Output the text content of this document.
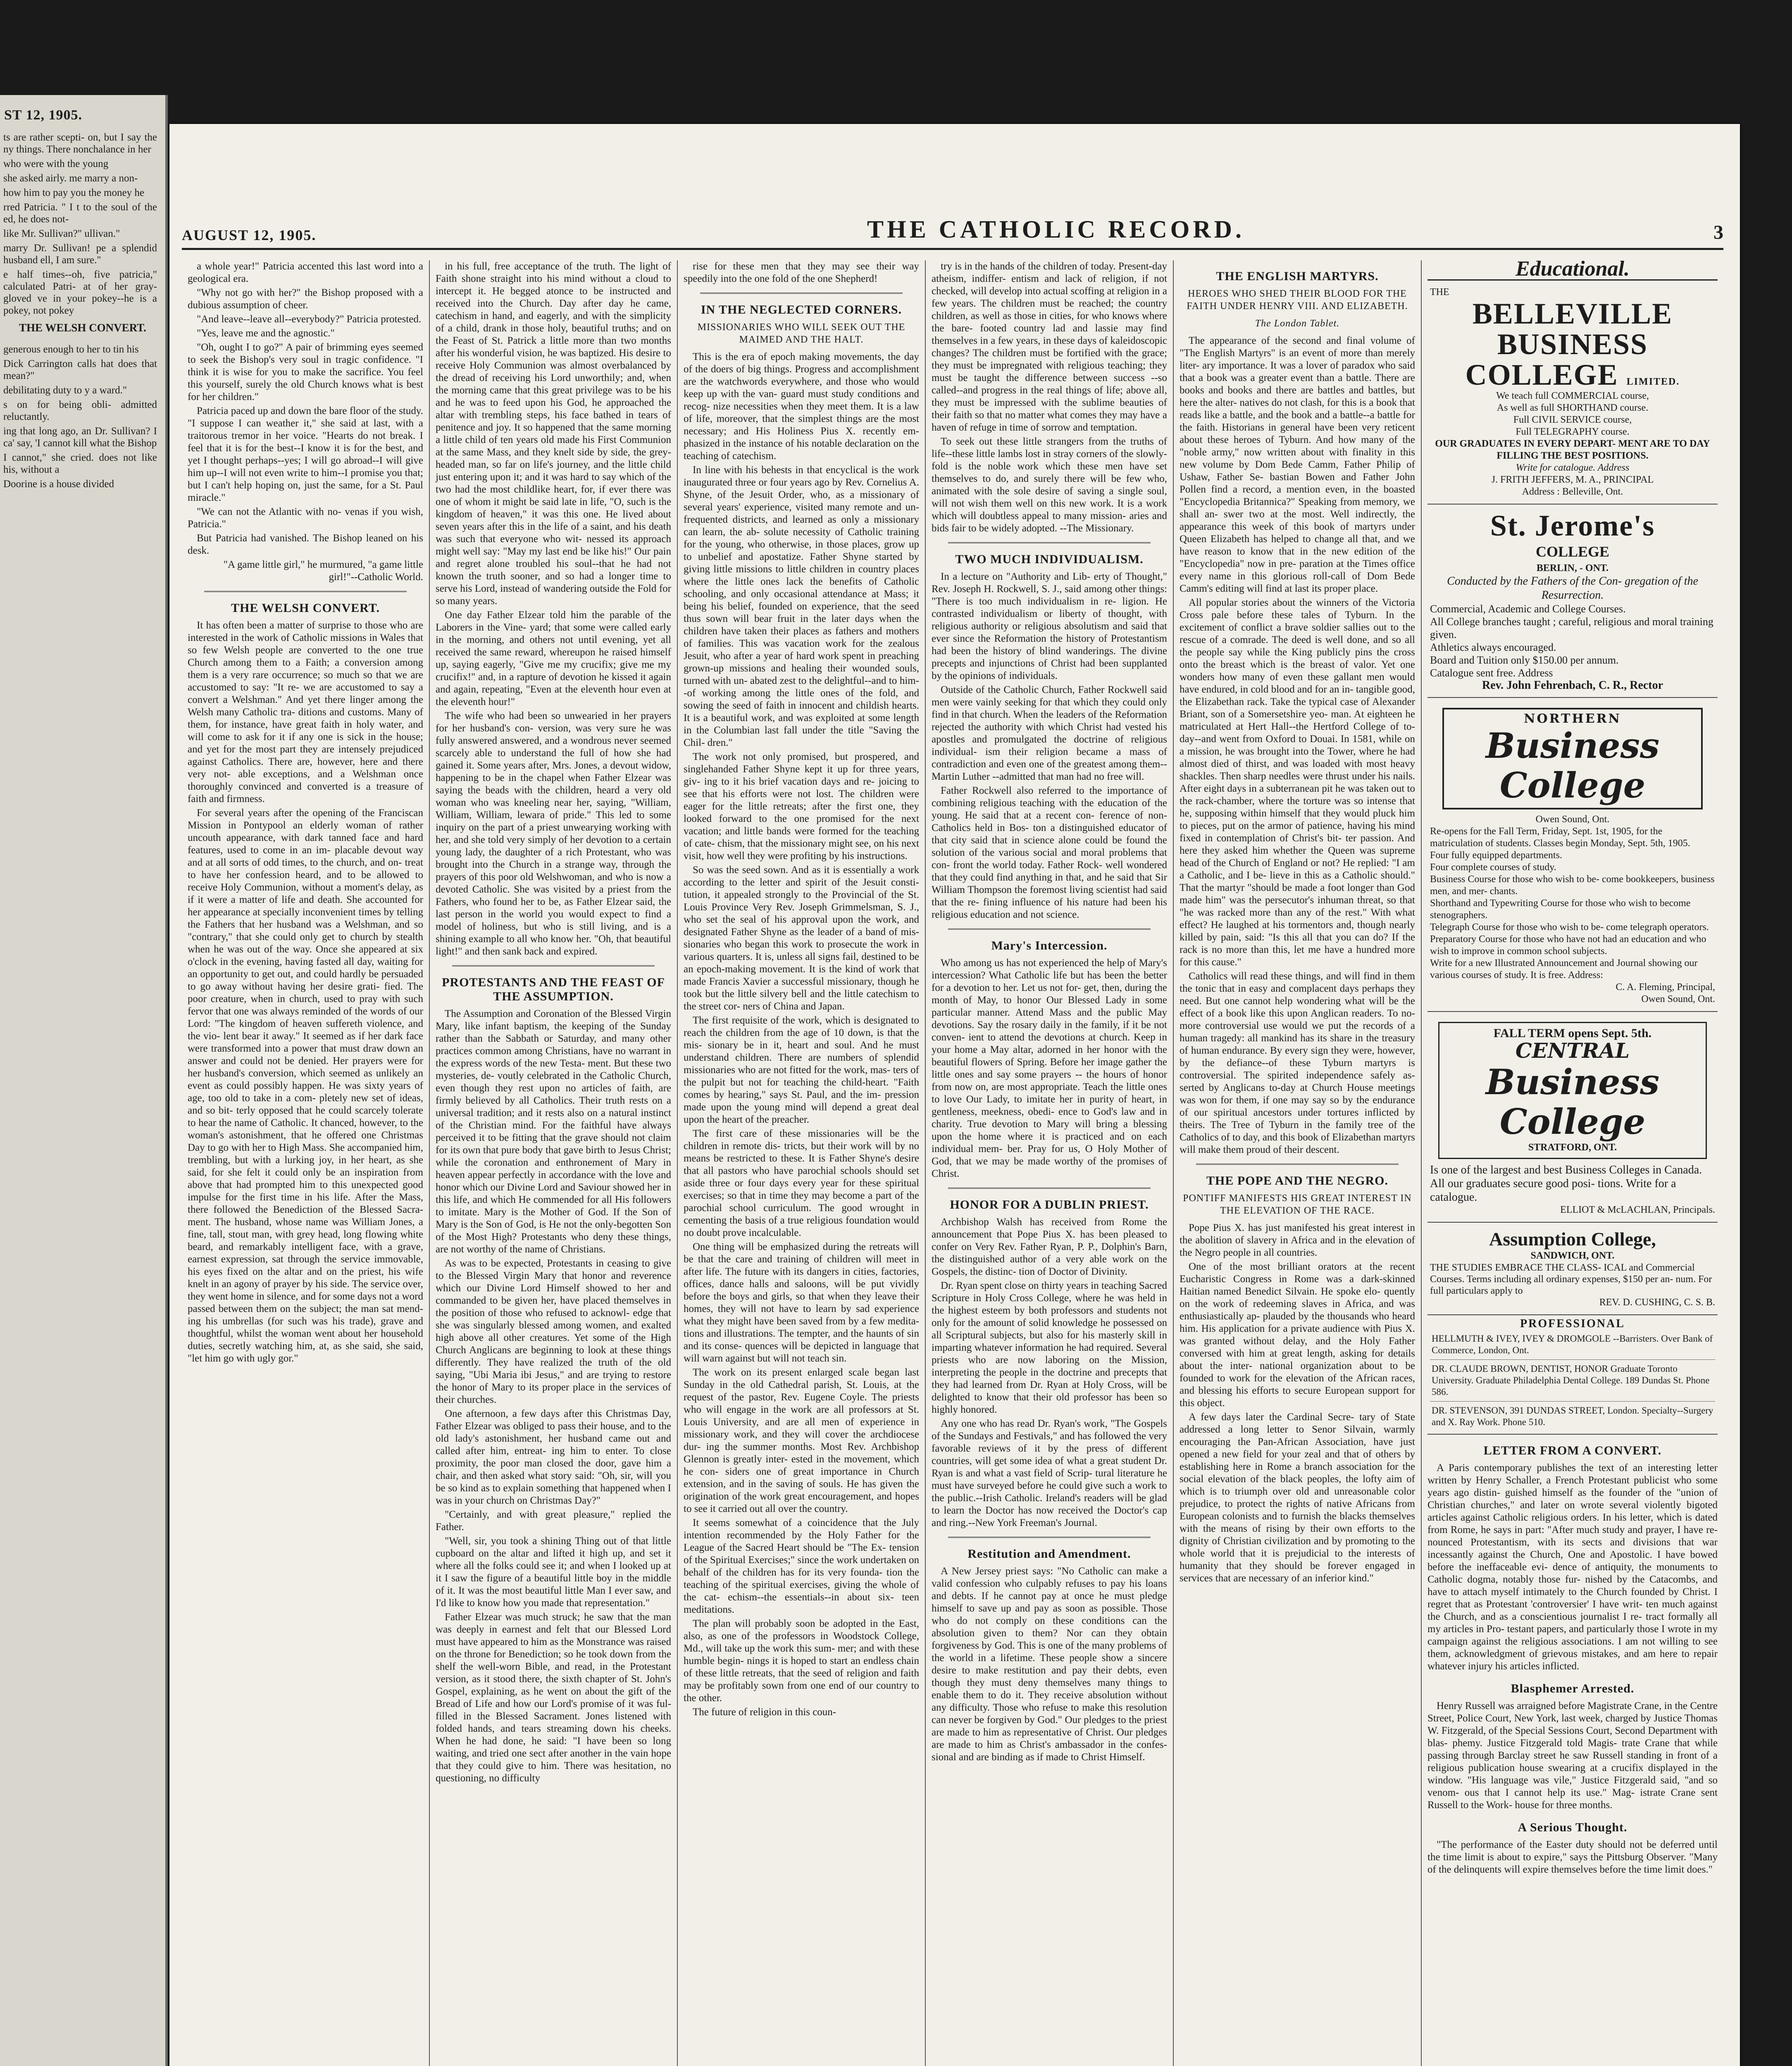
ST 12, 1905.

ts are rather scepti- on, but I say the ny things. There nonchalance in her

who were with the young

she asked airly. me marry a non-

how him to pay you the money he

rred Patricia. " I t to the soul of the ed, he does not-

like Mr. Sullivan?" ullivan."

marry Dr. Sullivan! pe a splendid husband ell, I am sure."

e half times--oh, five patricia," calculated Patri- at of her gray-gloved ve in your pokey--he is a pokey, not pokey

THE WELSH CONVERT.

generous enough to her to tin his

Dick Carrington calls hat does that mean?"

debilitating duty to y a ward."

s on for being obli- admitted reluctantly.

ing that long ago, an Dr. Sullivan? I ca' say, 'I cannot kill what the Bishop

I cannot," she cried. does not like his, without a

Doorine is a house divided

AUGUST 12, 1905.	THE CATHOLIC RECORD.	3

a whole year!" Patricia accented this last word into a geological era.

"Why not go with her?" the Bishop proposed with a dubious assumption of cheer.

"And leave--leave all--everybody?" Patricia protested.

"Yes, leave me and the agnostic."

"Oh, ought I to go?" A pair of brimming eyes seemed to seek the Bishop's very soul in tragic confidence. "I think it is wise for you to make the sacrifice. You feel this yourself, surely the old Church knows what is best for her children."

Patricia paced up and down the bare floor of the study. "I suppose I can weather it," she said at last, with a traitorous tremor in her voice. "Hearts do not break. I feel that it is for the best--I know it is for the best, and yet I thought perhaps--yes; I will go abroad--I will give him up--I will not even write to him--I promise you that; but I can't help hoping on, just the same, for a St. Paul miracle."

"We can not the Atlantic with no- venas if you wish, Patricia."

But Patricia had vanished. The Bishop leaned on his desk.

"A game little girl," he murmured, "a game little girl!"--Catholic World.

THE WELSH CONVERT.

It has often been a matter of surprise to those who are interested in the work of Catholic missions in Wales that so few Welsh people are converted to the one true Church among them to a Faith; a conversion among them is a very rare occurrence; so much so that we are accustomed to say: "It re- we are accustomed to say a convert a Welshman." And yet there linger among the Welsh many Catholic tra- ditions and customs. Many of them, for instance, have great faith in holy water, and will come to ask for it if any one is sick in the house; and yet for the most part they are intensely prejudiced against Catholics. There are, however, here and there very not- able exceptions, and a Welshman once thoroughly convinced and converted is a treasure of faith and firmness.

For several years after the opening of the Franciscan Mission in Pontypool an elderly woman of rather uncouth appearance, with dark tanned face and hard features, used to come in an im- placable devout way and at all sorts of odd times, to the church, and on- treat to have her confession heard, and to be allowed to receive Holy Communion, without a moment's delay, as if it were a matter of life and death. She accounted for her appearance at specially inconvenient times by telling the Fathers that her husband was a Welshman, and so "contrary," that she could only get to church by stealth when he was out of the way. Once she appeared at six o'clock in the evening, having fasted all day, waiting for an opportunity to get out, and could hardly be persuaded to go away without having her desire grati- fied. The poor creature, when in church, used to pray with such fervor that one was always reminded of the words of our Lord: "The kingdom of heaven suffereth violence, and the vio- lent bear it away." It seemed as if her dark face were transformed into a power that must draw down an answer and could not be denied. Her prayers were for her husband's conversion, which seemed as unlikely an event as could possibly happen. He was sixty years of age, too old to take in a com- pletely new set of ideas, and so bit- terly opposed that he could scarcely tolerate to hear the name of Catholic. It chanced, however, to the woman's astonishment, that he offered one Christmas Day to go with her to High Mass. She accompanied him, trembling, but with a lurking joy, in her heart, as she said, for she felt it could only be an inspiration from above that had prompted him to this unexpected good impulse for the first time in his life. After the Mass, there followed the Benediction of the Blessed Sacra- ment. The husband, whose name was William Jones, a fine, tall, stout man, with grey head, long flowing white beard, and remarkably intelligent face, with a grave, earnest expression, sat through the service immovable, his eyes fixed on the altar and on the priest, his wife knelt in an agony of prayer by his side. The service over, they went home in silence, and for some days not a word passed between them on the subject; the man sat mend- ing his umbrellas (for such was his trade), grave and thoughtful, whilst the woman went about her household duties, secretly watching him, at, as she said, she said, "let him go with ugly gor."

in his full, free acceptance of the truth. The light of Faith shone straight into his mind without a cloud to intercept it. He begged atonce to be instructed and received into the Church. Day after day he came, catechism in hand, and eagerly, and with the simplicity of a child, drank in those holy, beautiful truths; and on the Feast of St. Patrick a little more than two months after his wonderful vision, he was baptized. His desire to receive Holy Communion was almost overbalanced by the dread of receiving his Lord unworthily; and, when the morning came that this great privilege was to be his and he was to feed upon his God, he approached the altar with trembling steps, his face bathed in tears of penitence and joy. It so happened that the same morning a little child of ten years old made his First Communion at the same Mass, and they knelt side by side, the grey- headed man, so far on life's journey, and the little child just entering upon it; and it was hard to say which of the two had the most childlike heart, for, if ever there was one of whom it might be said late in life, "O, such is the kingdom of heaven," it was this one. He lived about seven years after this in the life of a saint, and his death was such that everyone who wit- nessed its approach might well say: "May my last end be like his!" Our pain and regret alone troubled his soul--that he had not known the truth sooner, and so had a longer time to serve his Lord, instead of wandering outside the Fold for so many years.

One day Father Elzear told him the parable of the Laborers in the Vine- yard; that some were called early in the morning, and others not until evening, yet all received the same reward, whereupon he raised himself up, saying eagerly, "Give me my crucifix; give me my crucifix!" and, in a rapture of devotion he kissed it again and again, repeating, "Even at the eleventh hour even at the eleventh hour!"

The wife who had been so unwearied in her prayers for her husband's con- version, was very sure he was fully answered answered, and a wondrous never seemed scarcely able to understand the full of how she had gained it. Some years after, Mrs. Jones, a devout widow, happening to be in the chapel when Father Elzear was saying the beads with the children, heard a very old woman who was kneeling near her, saying, "William, William, William, lewara of pride." This led to some inquiry on the part of a priest unwearying working with her, and she told very simply of her devotion to a certain young lady, the daughter of a rich Protestant, who was brought into the Church in a strange way, through the prayers of this poor old Welshwoman, and who is now a devoted Catholic. She was visited by a priest from the Fathers, who found her to be, as Father Elzear said, the last person in the world you would expect to find a model of holiness, but who is still living, and is a shining example to all who know her. "Oh, that beautiful light!" and then sank back and expired.

PROTESTANTS AND THE FEAST OF THE ASSUMPTION.

The Assumption and Coronation of the Blessed Virgin Mary, like infant baptism, the keeping of the Sunday rather than the Sabbath or Saturday, and many other practices common among Christians, have no warrant in the express words of the new Testa- ment. But these two mysteries, de- voutly celebrated in the Catholic Church, even though they rest upon no articles of faith, are firmly believed by all Catholics. Their truth rests on a universal tradition; and it rests also on a natural instinct of the Christian mind. For the faithful have always perceived it to be fitting that the grave should not claim for its own that pure body that gave birth to Jesus Christ; while the coronation and enthronement of Mary in heaven appear perfectly in accordance with the love and honor which our Divine Lord and Saviour showed her in this life, and which He commended for all His followers to imitate. Mary is the Mother of God. If the Son of Mary is the Son of God, is He not the only-begotten Son of the Most High? Protestants who deny these things, are not worthy of the name of Christians.

As was to be expected, Protestants in ceasing to give to the Blessed Virgin Mary that honor and reverence which our Divine Lord Himself showed to her and commanded to be given her, have placed themselves in the position of those who refused to acknowl- edge that she was singularly blessed among women, and exalted high above all other creatures. Yet some of the High Church Anglicans are beginning to look at these things differently. They have realized the truth of the old saying, "Ubi Maria ibi Jesus," and are trying to restore the honor of Mary to its proper place in the services of their churches.

One afternoon, a few days after this Christmas Day, Father Elzear was obliged to pass their house, and to the old lady's astonishment, her husband came out and called after him, entreat- ing him to enter. To close proximity, the poor man closed the door, gave him a chair, and then asked what story said: "Oh, sir, will you be so kind as to explain something that happened when I was in your church on Christmas Day?"

"Certainly, and with great pleasure," replied the Father.

"Well, sir, you took a shining Thing out of that little cupboard on the altar and lifted it high up, and set it where all the folks could see it; and when I looked up at it I saw the figure of a beautiful little boy in the middle of it. It was the most beautiful little Man I ever saw, and I'd like to know how you made that representation."

Father Elzear was much struck; he saw that the man was deeply in earnest and felt that our Blessed Lord must have appeared to him as the Monstrance was raised on the throne for Benediction; so he took down from the shelf the well-worn Bible, and read, in the Protestant version, as it stood there, the sixth chapter of St. John's Gospel, explaining, as he went on about the gift of the Bread of Life and how our Lord's promise of it was ful- filled in the Blessed Sacrament. Jones listened with folded hands, and tears streaming down his cheeks. When he had done, he said: "I have been so long waiting, and tried one sect after another in the vain hope that they could give to him. There was hesitation, no questioning, no difficulty

rise for these men that they may see their way speedily into the one fold of the one Shepherd!

IN THE NEGLECTED CORNERS.
MISSIONARIES WHO WILL SEEK OUT THE MAIMED AND THE HALT.

This is the era of epoch making movements, the day of the doers of big things. Progress and accomplishment are the watchwords everywhere, and those who would keep up with the van- guard must study conditions and recog- nize necessities when they meet them. It is a law of life, moreover, that the simplest things are the most necessary; and His Holiness Pius X. recently em- phasized in the instance of his notable declaration on the teaching of catechism.

In line with his behests in that encyclical is the work inaugurated three or four years ago by Rev. Cornelius A. Shyne, of the Jesuit Order, who, as a missionary of several years' experience, visited many remote and un- frequented districts, and learned as only a missionary can learn, the ab- solute necessity of Catholic training for the young, who otherwise, in those places, grow up to unbelief and apostatize. Father Shyne started by giving little missions to little children in country places where the little ones lack the benefits of Catholic schooling, and only occasional attendance at Mass; it being his belief, founded on experience, that the seed thus sown will bear fruit in the later days when the children have taken their places as fathers and mothers of families. This was vacation work for the zealous Jesuit, who after a year of hard work spent in preaching grown-up missions and healing their wounded souls, turned with un- abated zest to the delightful--and to him--of working among the little ones of the fold, and sowing the seed of faith in innocent and childish hearts. It is a beautiful work, and was exploited at some length in the Columbian last fall under the title "Saving the Chil- dren."

The work not only promised, but prospered, and singlehanded Father Shyne kept it up for three years, giv- ing to it his brief vacation days and re- joicing to see that his efforts were not lost. The children were eager for the little retreats; after the first one, they looked forward to the one promised for the next vacation; and little bands were formed for the teaching of cate- chism, that the missionary might see, on his next visit, how well they were profiting by his instructions.

So was the seed sown. And as it is essentially a work according to the letter and spirit of the Jesuit consti- tution, it appealed strongly to the Provincial of the St. Louis Province Very Rev. Joseph Grimmelsman, S. J., who set the seal of his approval upon the work, and designated Father Shyne as the leader of a band of mis- sionaries who began this work to prosecute the work in various quarters. It is, unless all signs fail, destined to be an epoch-making movement. It is the kind of work that made Francis Xavier a successful missionary, though he took but the little silvery bell and the little catechism to the street cor- ners of China and Japan.

The first requisite of the work, which is designated to reach the children from the age of 10 down, is that the mis- sionary be in it, heart and soul. And he must understand children. There are numbers of splendid missionaries who are not fitted for the work, mas- ters of the pulpit but not for teaching the child-heart. "Faith comes by hearing," says St. Paul, and the im- pression made upon the young mind will depend a great deal upon the heart of the preacher.

The first care of these missionaries will be the children in remote dis- tricts, but their work will by no means be restricted to these. It is Father Shyne's desire that all pastors who have parochial schools should set aside three or four days every year for these spiritual exercises; so that in time they may become a part of the parochial school curriculum. The good wrought in cementing the basis of a true religious foundation would no doubt prove incalculable.

One thing will be emphasized during the retreats will be that the care and training of children will meet in after life. The future with its dangers in cities, factories, offices, dance halls and saloons, will be put vividly before the boys and girls, so that when they leave their homes, they will not have to learn by sad experience what they might have been saved from by a few medita- tions and illustrations. The tempter, and the haunts of sin and its conse- quences will be depicted in language that will warn against but will not teach sin.

The work on its present enlarged scale began last Sunday in the old Cathedral parish, St. Louis, at the request of the pastor, Rev. Eugene Coyle. The priests who will engage in the work are all professors at St. Louis University, and are all men of experience in missionary work, and they will cover the archdiocese dur- ing the summer months. Most Rev. Archbishop Glennon is greatly inter- ested in the movement, which he con- siders one of great importance in Church extension, and in the saving of souls. He has given the origination of the work great encouragement, and hopes to see it carried out all over the country.

It seems somewhat of a coincidence that the July intention recommended by the Holy Father for the League of the Sacred Heart should be "The Ex- tension of the Spiritual Exercises;" since the work undertaken on behalf of the children has for its very founda- tion the teaching of the spiritual exercises, giving the whole of the cat- echism--the essentials--in about six- teen meditations.

The plan will probably soon be adopted in the East, also, as one of the professors in Woodstock College, Md., will take up the work this sum- mer; and with these humble begin- nings it is hoped to start an endless chain of these little retreats, that the seed of religion and faith may be profitably sown from one end of our country to the other.

The future of religion in this coun-

try is in the hands of the children of today. Present-day atheism, indiffer- entism and lack of religion, if not checked, will develop into actual scoffing at religion in a few years. The children must be reached; the country children, as well as those in cities, for who knows where the bare- footed country lad and lassie may find themselves in a few years, in these days of kaleidoscopic changes? The children must be fortified with the grace; they must be impregnated with religious teaching; they must be taught the difference between success --so called--and progress in the real things of life; above all, they must be impressed with the sublime beauties of their faith so that no matter what comes they may have a haven of refuge in time of sorrow and temptation.

To seek out these little strangers from the truths of life--these little lambs lost in stray corners of the slowly-fold is the noble work which these men have set themselves to do, and surely there will be few who, animated with the sole desire of saving a single soul, will not wish them well on this new work. It is a work which will doubtless appeal to many mission- aries and bids fair to be widely adopted. --The Missionary.

TWO MUCH INDIVIDUALISM.

In a lecture on "Authority and Lib- erty of Thought," Rev. Joseph H. Rockwell, S. J., said among other things: "There is too much individualism in re- ligion. He contrasted individualism or liberty of thought, with religious authority or religious absolutism and said that ever since the Reformation the history of Protestantism had been the history of blind wanderings. The divine precepts and injunctions of Christ had been supplanted by the opinions of individuals.

Outside of the Catholic Church, Father Rockwell said men were vainly seeking for that which they could only find in that church. When the leaders of the Reformation rejected the authority with which Christ had vested his apostles and promulgated the doctrine of religious individual- ism their religion became a mass of contradiction and even one of the greatest among them--Martin Luther --admitted that man had no free will.

Father Rockwell also referred to the importance of combining religious teaching with the education of the young. He said that at a recent con- ference of non-Catholics held in Bos- ton a distinguished educator of that city said that in science alone could be found the solution of the various social and moral problems that con- front the world today. Father Rock- well wondered that they could find anything in that, and he said that Sir William Thompson the foremost living scientist had said that the re- fining influence of his nature had been his religious education and not science.

Mary's Intercession.

Who among us has not experienced the help of Mary's intercession? What Catholic life but has been the better for a devotion to her. Let us not for- get, then, during the month of May, to honor Our Blessed Lady in some particular manner. Attend Mass and the public May devotions. Say the rosary daily in the family, if it be not conven- ient to attend the devotions at church. Keep in your home a May altar, adorned in her honor with the beautiful flowers of Spring. Before her image gather the little ones and say some prayers -- the hours of honor from now on, are most appropriate. Teach the little ones to love Our Lady, to imitate her in purity of heart, in gentleness, meekness, obedi- ence to God's law and in charity. True devotion to Mary will bring a blessing upon the home where it is practiced and on each individual mem- ber. Pray for us, O Holy Mother of God, that we may be made worthy of the promises of Christ.

HONOR FOR A DUBLIN PRIEST.

Archbishop Walsh has received from Rome the announcement that Pope Pius X. has been pleased to confer on Very Rev. Father Ryan, P. P., Dolphin's Barn, the distinguished author of a very able work on the Gospels, the distinc- tion of Doctor of Divinity.

Dr. Ryan spent close on thirty years in teaching Sacred Scripture in Holy Cross College, where he was held in the highest esteem by both professors and students not only for the amount of solid knowledge he possessed on all Scriptural subjects, but also for his masterly skill in imparting whatever information he had required. Several priests who are now laboring on the Mission, interpreting the people in the doctrine and precepts that they had learned from Dr. Ryan at Holy Cross, will be delighted to know that their old professor has been so highly honored.

Any one who has read Dr. Ryan's work, "The Gospels of the Sundays and Festivals," and has followed the very favorable reviews of it by the press of different countries, will get some idea of what a great student Dr. Ryan is and what a vast field of Scrip- tural literature he must have surveyed before he could give such a work to the public.--Irish Catholic. Ireland's readers will be glad to learn the Doctor has now received the Doctor's cap and ring.--New York Freeman's Journal.

Restitution and Amendment.

A New Jersey priest says: "No Catholic can make a valid confession who culpably refuses to pay his loans and debts. If he cannot pay at once he must pledge himself to save up and pay as soon as possible. Those who do not comply on these conditions can the absolution given to them? Nor can they obtain forgiveness by God. This is one of the many problems of the world in a lifetime. These people show a sincere desire to make restitution and pay their debts, even though they must deny themselves many things to enable them to do it. They receive absolution without any difficulty. Those who refuse to make this resolution can never be forgiven by God." Our pledges to the priest are made to him as representative of Christ. Our pledges are made to him as Christ's ambassador in the confes- sional and are binding as if made to Christ Himself.

THE ENGLISH MARTYRS.
HEROES WHO SHED THEIR BLOOD FOR THE FAITH UNDER HENRY VIII. AND ELIZABETH.
The London Tablet.

The appearance of the second and final volume of "The English Martyrs" is an event of more than merely liter- ary importance. It was a lover of paradox who said that a book was a greater event than a battle. There are books and books and there are battles and battles, but here the alter- natives do not clash, for this is a book that reads like a battle, and the book and a battle--a battle for the faith. Historians in general have been very reticent about these heroes of Tyburn. And how many of the "noble army," now written about with finality in this new volume by Dom Bede Camm, Father Philip of Ushaw, Father Se- bastian Bowen and Father John Pollen find a record, a mention even, in the boasted "Encyclopedia Britannica?" Speaking from memory, we shall an- swer two at the most. Well indirectly, the appearance this week of this book of martyrs under Queen Elizabeth has helped to change all that, and we have reason to know that in the new edition of the "Encyclopedia" now in pre- paration at the Times office every name in this glorious roll-call of Dom Bede Camm's editing will find at last its proper place.

All popular stories about the winners of the Victoria Cross pale before these tales of Tyburn. In the excitement of conflict a brave soldier sallies out to the rescue of a comrade. The deed is well done, and so all the people say while the King publicly pins the cross onto the breast which is the breast of valor. Yet one wonders how many of even these gallant men would have endured, in cold blood and for an in- tangible good, the Elizabethan rack. Take the typical case of Alexander Briant, son of a Somersetshire yeo- man. At eighteen he matriculated at Hert Hall--the Hertford College of to- day--and went from Oxford to Douai. In 1581, while on a mission, he was brought into the Tower, where he had almost died of thirst, and was loaded with most heavy shackles. Then sharp needles were thrust under his nails. After eight days in a subterranean pit he was taken out to the rack-chamber, where the torture was so intense that he, supposing within himself that they would pluck him to pieces, put on the armor of patience, having his mind fixed in contemplation of Christ's bit- ter passion. And here they asked him whether the Queen was supreme head of the Church of England or not? He replied: "I am a Catholic, and I be- lieve in this as a Catholic should." That the martyr "should be made a foot longer than God made him" was the persecutor's inhuman threat, so that "he was racked more than any of the rest." With what effect? He laughed at his tormentors and, though nearly killed by pain, said: "Is this all that you can do? If the rack is no more than this, let me have a hundred more for this cause."

Catholics will read these things, and will find in them the tonic that in easy and complacent days perhaps they need. But one cannot help wondering what will be the effect of a book like this upon Anglican readers. To no- more controversial use would we put the records of a human tragedy: all mankind has its share in the treasury of human endurance. By every sign they were, however, by the defiance--of these Tyburn martyrs is controversial. The spirited independence safely as- serted by Anglicans to-day at Church House meetings was won for them, if one may say so by the endurance of our spiritual ancestors under tortures inflicted by theirs. The Tree of Tyburn in the family tree of the Catholics of to day, and this book of Elizabethan martyrs will make them proud of their descent.

THE POPE AND THE NEGRO.
PONTIFF MANIFESTS HIS GREAT INTEREST IN THE ELEVATION OF THE RACE.

Pope Pius X. has just manifested his great interest in the abolition of slavery in Africa and in the elevation of the Negro people in all countries.

One of the most brilliant orators at the recent Eucharistic Congress in Rome was a dark-skinned Haitian named Benedict Silvain. He spoke elo- quently on the work of redeeming slaves in Africa, and was enthusiastically ap- plauded by the thousands who heard him. His application for a private audience with Pius X. was granted without delay, and the Holy Father conversed with him at great length, asking for details about the inter- national organization about to be founded to work for the elevation of the African races, and blessing his efforts to secure European support for this object.

A few days later the Cardinal Secre- tary of State addressed a long letter to Senor Silvain, warmly encouraging the Pan-African Association, have just opened a new field for your zeal and that of others by establishing here in Rome a branch association for the social elevation of the black peoples, the lofty aim of which is to triumph over old and unreasonable color prejudice, to protect the rights of native Africans from European colonists and to furnish the blacks themselves with the means of rising by their own efforts to the dignity of Christian civilization and by promoting to the whole world that it is prejudicial to the interests of humanity that they should be forever engaged in services that are necessary of an inferior kind."

Educational.
THE
BELLEVILLE
BUSINESS
COLLEGE LIMITED.
We teach full COMMERCIAL course,
As well as full SHORTHAND course.
Full CIVIL SERVICE course,
Full TELEGRAPHY course.
OUR GRADUATES IN EVERY DEPART- MENT ARE TO DAY FILLING THE BEST POSITIONS.
Write for catalogue. Address
J. FRITH JEFFERS, M. A., PRINCIPAL
Address : Belleville, Ont.
St. Jerome's
COLLEGE
BERLIN, - ONT.
Conducted by the Fathers of the Con- gregation of the Resurrection.
Commercial, Academic and College Courses.
All College branches taught ; careful, religious and moral training given.
Athletics always encouraged.
Board and Tuition only $150.00 per annum.
Catalogue sent free. Address
Rev. John Fehrenbach, C. R., Rector
NORTHERN
Business College
Owen Sound, Ont.
Re-opens for the Fall Term, Friday, Sept. 1st, 1905, for the matriculation of students. Classes begin Monday, Sept. 5th, 1905.
Four fully equipped departments.
Four complete courses of study.
Business Course for those who wish to be- come bookkeepers, business men, and mer- chants.
Shorthand and Typewriting Course for those who wish to become stenographers.
Telegraph Course for those who wish to be- come telegraph operators.
Preparatory Course for those who have not had an education and who wish to improve in common school subjects.
Write for a new Illustrated Announcement and Journal showing our various courses of study. It is free. Address:
C. A. Fleming, Principal,
Owen Sound, Ont.
FALL TERM opens Sept. 5th.
CENTRAL
Business College
STRATFORD, ONT.
Is one of the largest and best Business Colleges in Canada. All our graduates secure good posi- tions. Write for a catalogue.
ELLIOT & McLACHLAN, Principals.
Assumption College,
SANDWICH, ONT.
THE STUDIES EMBRACE THE CLASS- ICAL and Commercial Courses. Terms including all ordinary expenses, $150 per an- num. For full particulars apply to
REV. D. CUSHING, C. S. B.
PROFESSIONAL
HELLMUTH & IVEY, IVEY & DROMGOLE --Barristers. Over Bank of Commerce, London, Ont.
DR. CLAUDE BROWN, DENTIST, HONOR Graduate Toronto University. Graduate Philadelphia Dental College. 189 Dundas St. Phone 586.
DR. STEVENSON, 391 DUNDAS STREET, London. Specialty--Surgery and X. Ray Work. Phone 510.
LETTER FROM A CONVERT.

A Paris contemporary publishes the text of an interesting letter written by Henry Schaller, a French Protestant publicist who some years ago distin- guished himself as the founder of the "union of Christian churches," and later on wrote several violently bigoted articles against Catholic religious orders. In his letter, which is dated from Rome, he says in part: "After much study and prayer, I have re- nounced Protestantism, with its sects and divisions that war incessantly against the Church, One and Apostolic. I have bowed before the ineffaceable evi- dence of antiquity, the monuments to Catholic dogma, notably those fur- nished by the Catacombs, and have to attach myself intimately to the Church founded by Christ. I regret that as Protestant 'controversier' I have writ- ten much against the Church, and as a conscientious journalist I re- tract formally all my articles in Pro- testant papers, and particularly those I wrote in my campaign against the religious associations. I am not willing to see them, acknowledgment of grievous mistakes, and am here to repair whatever injury his articles inflicted.

Blasphemer Arrested.

Henry Russell was arraigned before Magistrate Crane, in the Centre Street, Police Court, New York, last week, charged by Justice Thomas W. Fitzgerald, of the Special Sessions Court, Second Department with blas- phemy. Justice Fitzgerald told Magis- trate Crane that while passing through Barclay street he saw Russell standing in front of a religious publication house swearing at a crucifix displayed in the window. "His language was vile," Justice Fitzgerald said, "and so venom- ous that I cannot help its use." Mag- istrate Crane sent Russell to the Work- house for three months.

A Serious Thought.

"The performance of the Easter duty should not be deferred until the time limit is about to expire," says the Pittsburg Observer. "Many of the delinquents will expire themselves before the time limit does."
